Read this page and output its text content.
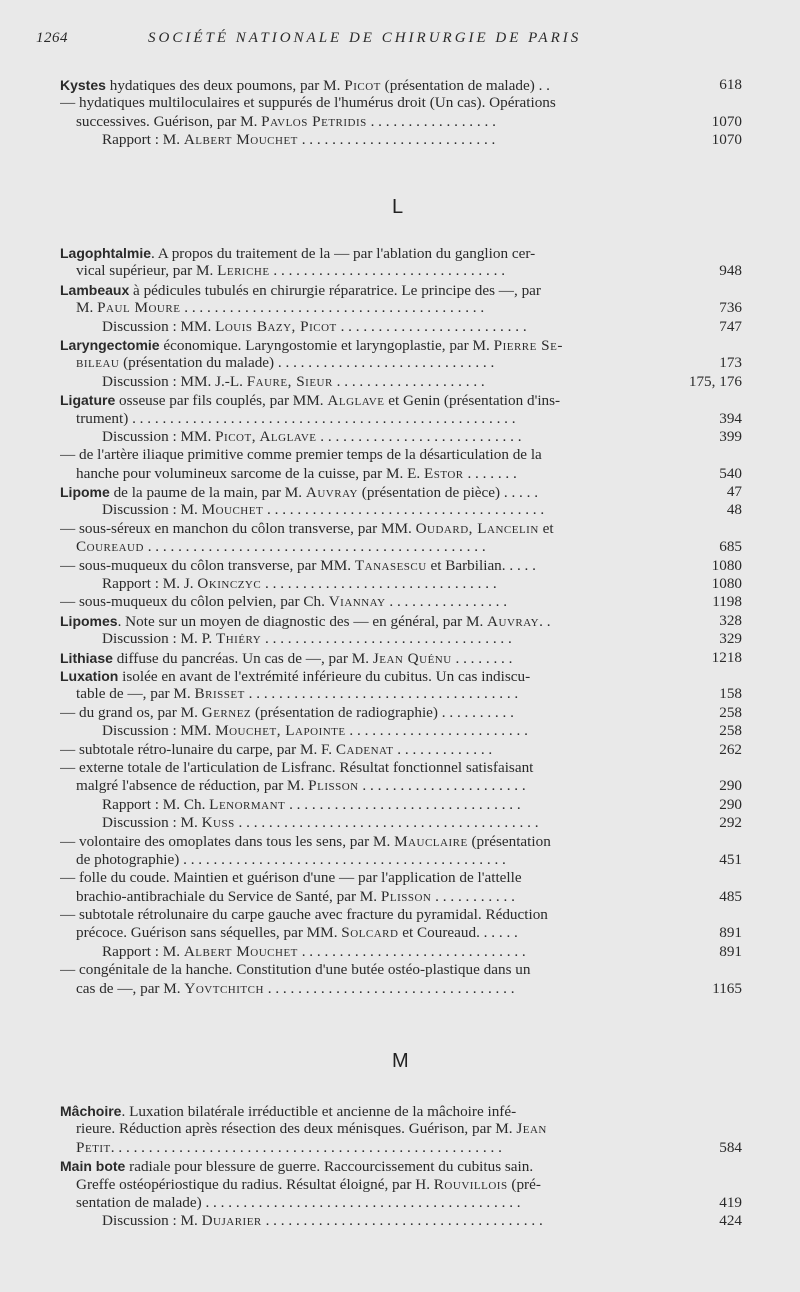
1264	SOCIÉTÉ NATIONALE DE CHIRURGIE DE PARIS
Kystes hydatiques des deux poumons, par M. Picot (présentation de malade) . .	618
— hydatiques multiloculaires et suppurés de l'humérus droit (Un cas). Opérations
successives. Guérison, par M. Pavlos Petridis . . . . . . . . . . . . . . . . .	1070
Rapport : M. Albert Mouchet . . . . . . . . . . . . . . . . . . . . . . . . . .	1070
L
Lagophtalmie. A propos du traitement de la — par l'ablation du ganglion cer-
vical supérieur, par M. Leriche . . . . . . . . . . . . . . . . . . . . . . . . . . . . . . .	948
Lambeaux à pédicules tubulés en chirurgie réparatrice. Le principe des —, par
M. Paul Moure . . . . . . . . . . . . . . . . . . . . . . . . . . . . . . . . . . . . . . . .	736
Discussion : MM. Louis Bazy, Picot . . . . . . . . . . . . . . . . . . . . . . . . .	747
Laryngectomie économique. Laryngostomie et laryngoplastie, par M. Pierre Se-
bileau (présentation du malade) . . . . . . . . . . . . . . . . . . . . . . . . . . . . .	173
Discussion : MM. J.-L. Faure, Sieur . . . . . . . . . . . . . . . . . . . .	175, 176
Ligature osseuse par fils couplés, par MM. Alglave et Genin (présentation d'ins-
trument) . . . . . . . . . . . . . . . . . . . . . . . . . . . . . . . . . . . . . . . . . . . . . . . . . . .	394
Discussion : MM. Picot, Alglave . . . . . . . . . . . . . . . . . . . . . . . . . . .	399
— de l'artère iliaque primitive comme premier temps de la désarticulation de la
hanche pour volumineux sarcome de la cuisse, par M. E. Estor . . . . . . .	540
Lipome de la paume de la main, par M. Auvray (présentation de pièce) . . . . .	47
Discussion : M. Mouchet . . . . . . . . . . . . . . . . . . . . . . . . . . . . . . . . . . . . .	48
— sous-séreux en manchon du côlon transverse, par MM. Oudard, Lancelin et
Coureaud . . . . . . . . . . . . . . . . . . . . . . . . . . . . . . . . . . . . . . . . . . . . .	685
— sous-muqueux du côlon transverse, par MM. Tanasescu et Barbilian. . . . .	1080
Rapport : M. J. Okinczyc . . . . . . . . . . . . . . . . . . . . . . . . . . . . . . .	1080
— sous-muqueux du côlon pelvien, par Ch. Viannay . . . . . . . . . . . . . . . .	1198
Lipomes. Note sur un moyen de diagnostic des — en général, par M. Auvray. .	328
Discussion : M. P. Thiéry . . . . . . . . . . . . . . . . . . . . . . . . . . . . . . . . .	329
Lithiase diffuse du pancréas. Un cas de —, par M. Jean Quénu . . . . . . . .	1218
Luxation isolée en avant de l'extrémité inférieure du cubitus. Un cas indiscu-
table de —, par M. Brisset . . . . . . . . . . . . . . . . . . . . . . . . . . . . . . . . . . . .	158
— du grand os, par M. Gernez (présentation de radiographie) . . . . . . . . . .	258
Discussion : MM. Mouchet, Lapointe . . . . . . . . . . . . . . . . . . . . . . . .	258
— subtotale rétro-lunaire du carpe, par M. F. Cadenat . . . . . . . . . . . . .	262
— externe totale de l'articulation de Lisfranc. Résultat fonctionnel satisfaisant
malgré l'absence de réduction, par M. Plisson . . . . . . . . . . . . . . . . . . . . . .	290
Rapport : M. Ch. Lenormant . . . . . . . . . . . . . . . . . . . . . . . . . . . . . . .	290
Discussion : M. Kuss . . . . . . . . . . . . . . . . . . . . . . . . . . . . . . . . . . . . . . . .	292
— volontaire des omoplates dans tous les sens, par M. Mauclaire (présentation
de photographie) . . . . . . . . . . . . . . . . . . . . . . . . . . . . . . . . . . . . . . . . . . .	451
— folle du coude. Maintien et guérison d'une — par l'application de l'attelle
brachio-antibrachiale du Service de Santé, par M. Plisson . . . . . . . . . . .	485
— subtotale rétrolunaire du carpe gauche avec fracture du pyramidal. Réduction
précoce. Guérison sans séquelles, par MM. Solcard et Coureaud. . . . . .	891
Rapport : M. Albert Mouchet . . . . . . . . . . . . . . . . . . . . . . . . . . . . . .	891
— congénitale de la hanche. Constitution d'une butée ostéo-plastique dans un
cas de —, par M. Yovtchitch . . . . . . . . . . . . . . . . . . . . . . . . . . . . . . . . .	1165
M
Mâchoire. Luxation bilatérale irréductible et ancienne de la mâchoire infé-
rieure. Réduction après résection des deux ménisques. Guérison, par M. Jean
Petit. . . . . . . . . . . . . . . . . . . . . . . . . . . . . . . . . . . . . . . . . . . . . . . . . . . .	584
Main bote radiale pour blessure de guerre. Raccourcissement du cubitus sain.
Greffe ostéopériostique du radius. Résultat éloigné, par H. Rouvillois (pré-
sentation de malade) . . . . . . . . . . . . . . . . . . . . . . . . . . . . . . . . . . . . . . . . . .	419
Discussion : M. Dujarier . . . . . . . . . . . . . . . . . . . . . . . . . . . . . . . . . . . . .	424
